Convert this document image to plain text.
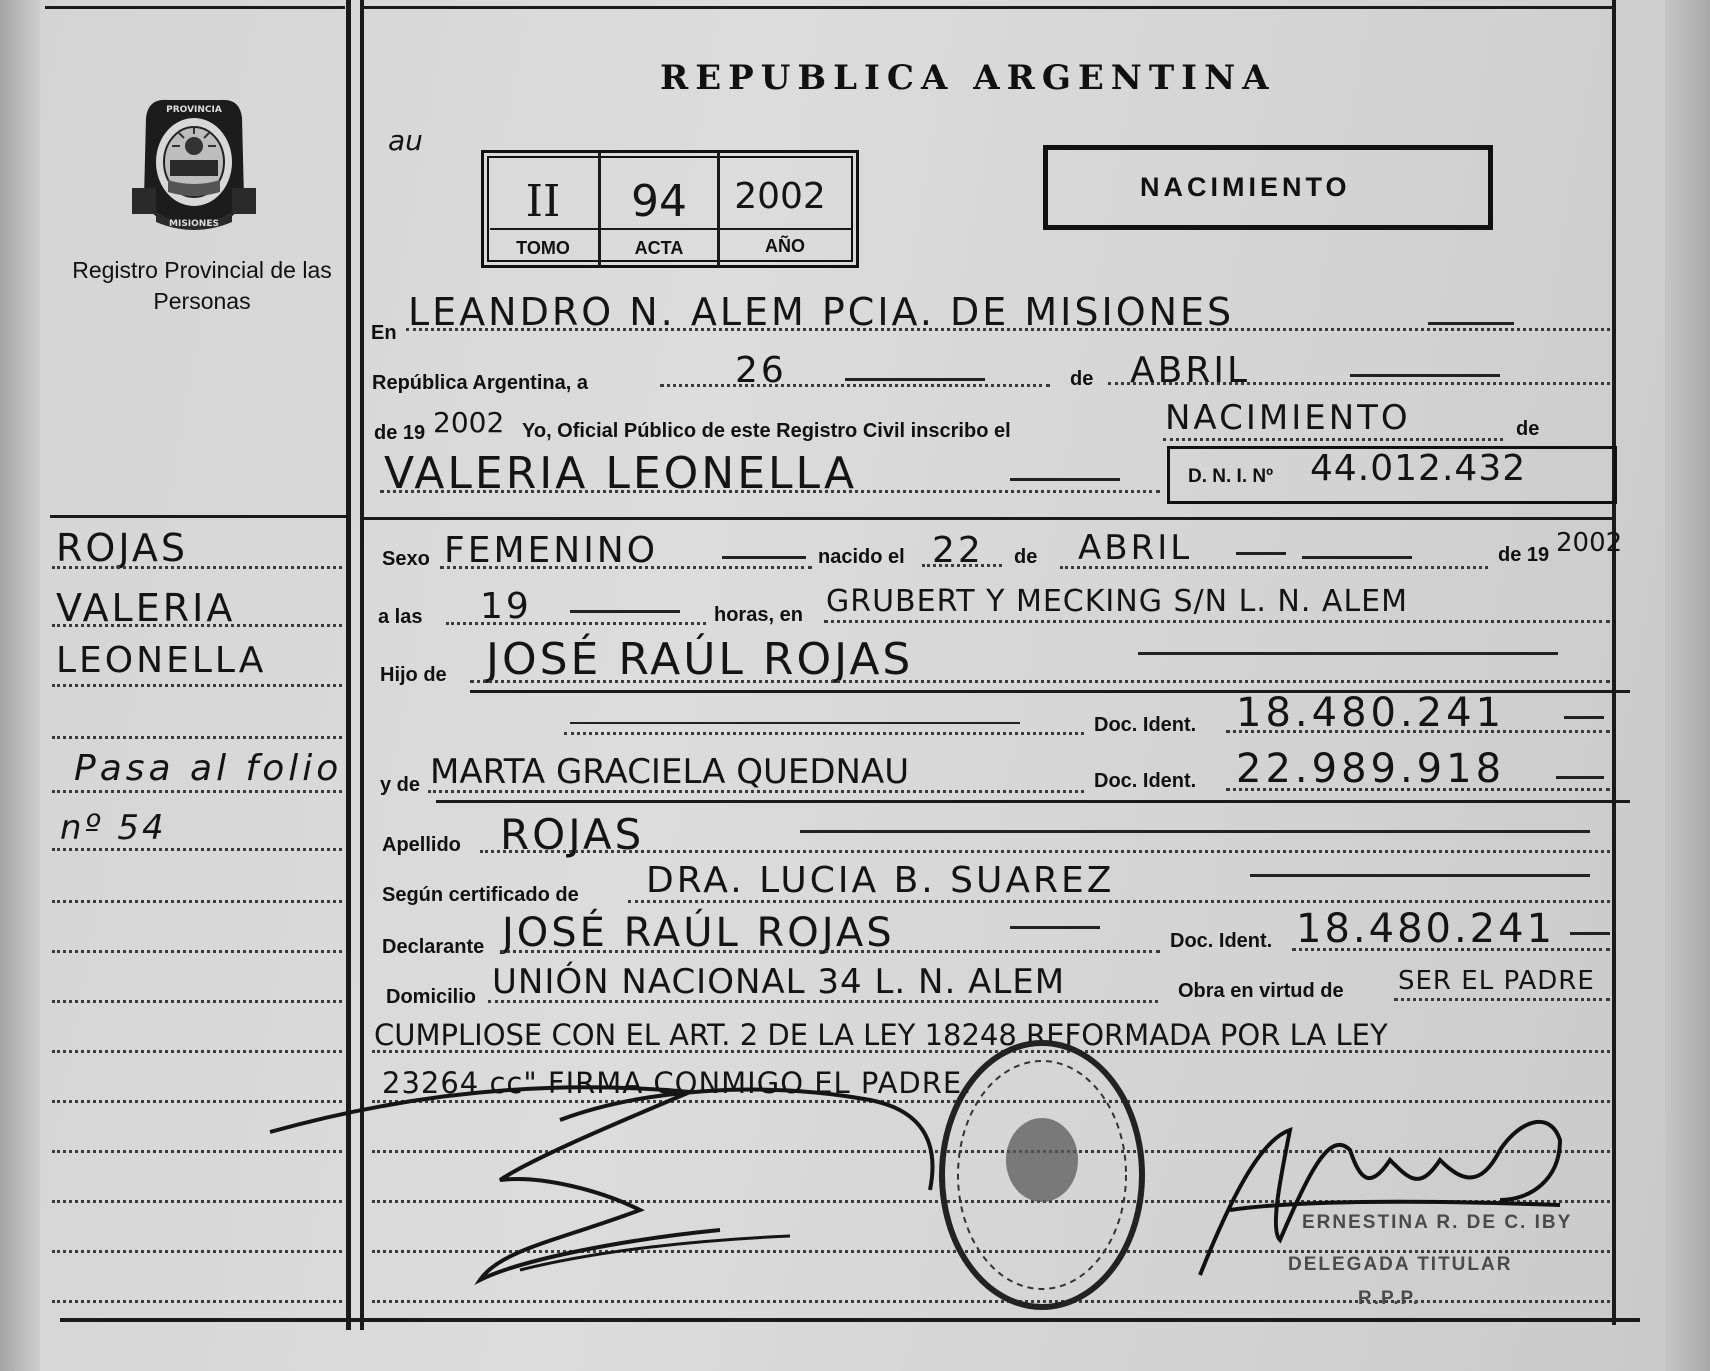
PROVINCIA
MISIONES
Registro Provincial de las Personas
REPUBLICA ARGENTINA
au
II	94	2002
TOMO	ACTA	AÑO
NACIMIENTO
En LEANDRO N. ALEM PCIA. DE MISIONES
República Argentina, a	26	de ABRIL
de 19 2002 Yo, Oficial Público de este Registro Civil inscribo el	NACIMIENTO	de
VALERIA LEONELLA	D. N. I. Nº 44.012.432
ROJAS
VALERIA
LEONELLA
Pasa al folio
nº 54
Sexo FEMENINO	nacido el 22 de ABRIL	de 19 2002
a las 19	horas, en GRUBERT Y MECKING S/N L. N. ALEM
Hijo de JOSÉ RAÚL ROJAS
Doc. Ident. 18.480.241
y de MARTA GRACIELA QUEDNAU	Doc. Ident. 22.989.918
Apellido ROJAS
Según certificado de DRA. LUCIA B. SUAREZ
Declarante JOSÉ RAÚL ROJAS	Doc. Ident. 18.480.241
Domicilio UNIÓN NACIONAL 34 L. N. ALEM	Obra en virtud de SER EL PADRE
CUMPLIOSE CON EL ART. 2 DE LA LEY 18248 REFORMADA POR LA LEY
23264 cc" FIRMA CONMIGO EL PADRE.
ERNESTINA R. DE C. IBY
DELEGADA TITULAR
R.P.P.
